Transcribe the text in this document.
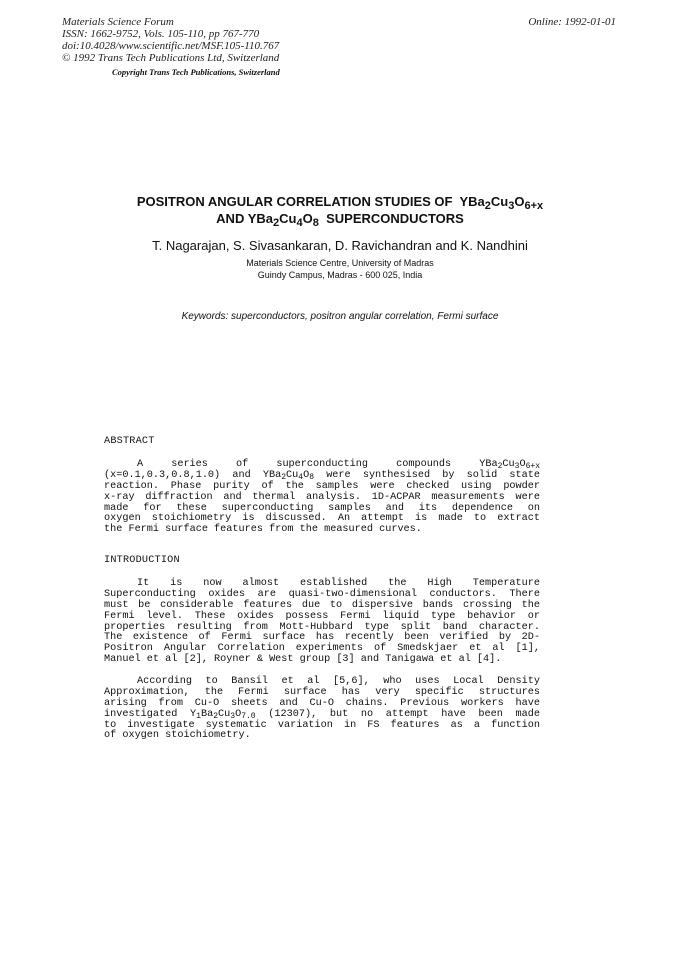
Materials Science Forum
ISSN: 1662-9752, Vols. 105-110, pp 767-770
doi:10.4028/www.scientific.net/MSF.105-110.767
© 1992 Trans Tech Publications Ltd, Switzerland
Online: 1992-01-01
Copyright Trans Tech Publications, Switzerland
POSITRON ANGULAR CORRELATION STUDIES OF $YBa_2Cu_3O_{6+x}$
AND $YBa_2Cu_4O_8$ SUPERCONDUCTORS
T. Nagarajan, S. Sivasankaran, D. Ravichandran and K. Nandhini
Materials Science Centre, University of Madras
Guindy Campus, Madras - 600 025, India
Keywords: superconductors, positron angular correlation, Fermi surface
ABSTRACT
A series of superconducting compounds $YBa_2Cu_3O_{6+x}$
(x=0.1,0.3,0.8,1.0) and $YBa_2Cu_4O_8$ were synthesised by solid state
reaction. Phase purity of the samples were checked using powder
x-ray diffraction and thermal analysis. 1D-ACPAR measurements were
made for these superconducting samples and its dependence on
oxygen stoichiometry is discussed. An attempt is made to extract
the Fermi surface features from the measured curves.
INTRODUCTION
It is now almost established the High Temperature
Superconducting oxides are quasi-two-dimensional conductors. There
must be considerable features due to dispersive bands crossing the
Fermi level. These oxides possess Fermi liquid type behavior or
properties resulting from Mott-Hubbard type split band character.
The existence of Fermi surface has recently been verified by 2D-
Positron Angular Correlation experiments of Smedskjaer et al [1],
Manuel et al [2], Royner & West group [3] and Tanigawa et al [4].
According to Bansil et al [5,6], who uses Local Density
Approximation, the Fermi surface has very specific structures
arising from Cu-O sheets and Cu-O chains. Previous workers have
investigated $Y_1Ba_2Cu_3O_{7.0}$ (12307), but no attempt have been made
to investigate systematic variation in FS features as a function
of oxygen stoichiometry.
